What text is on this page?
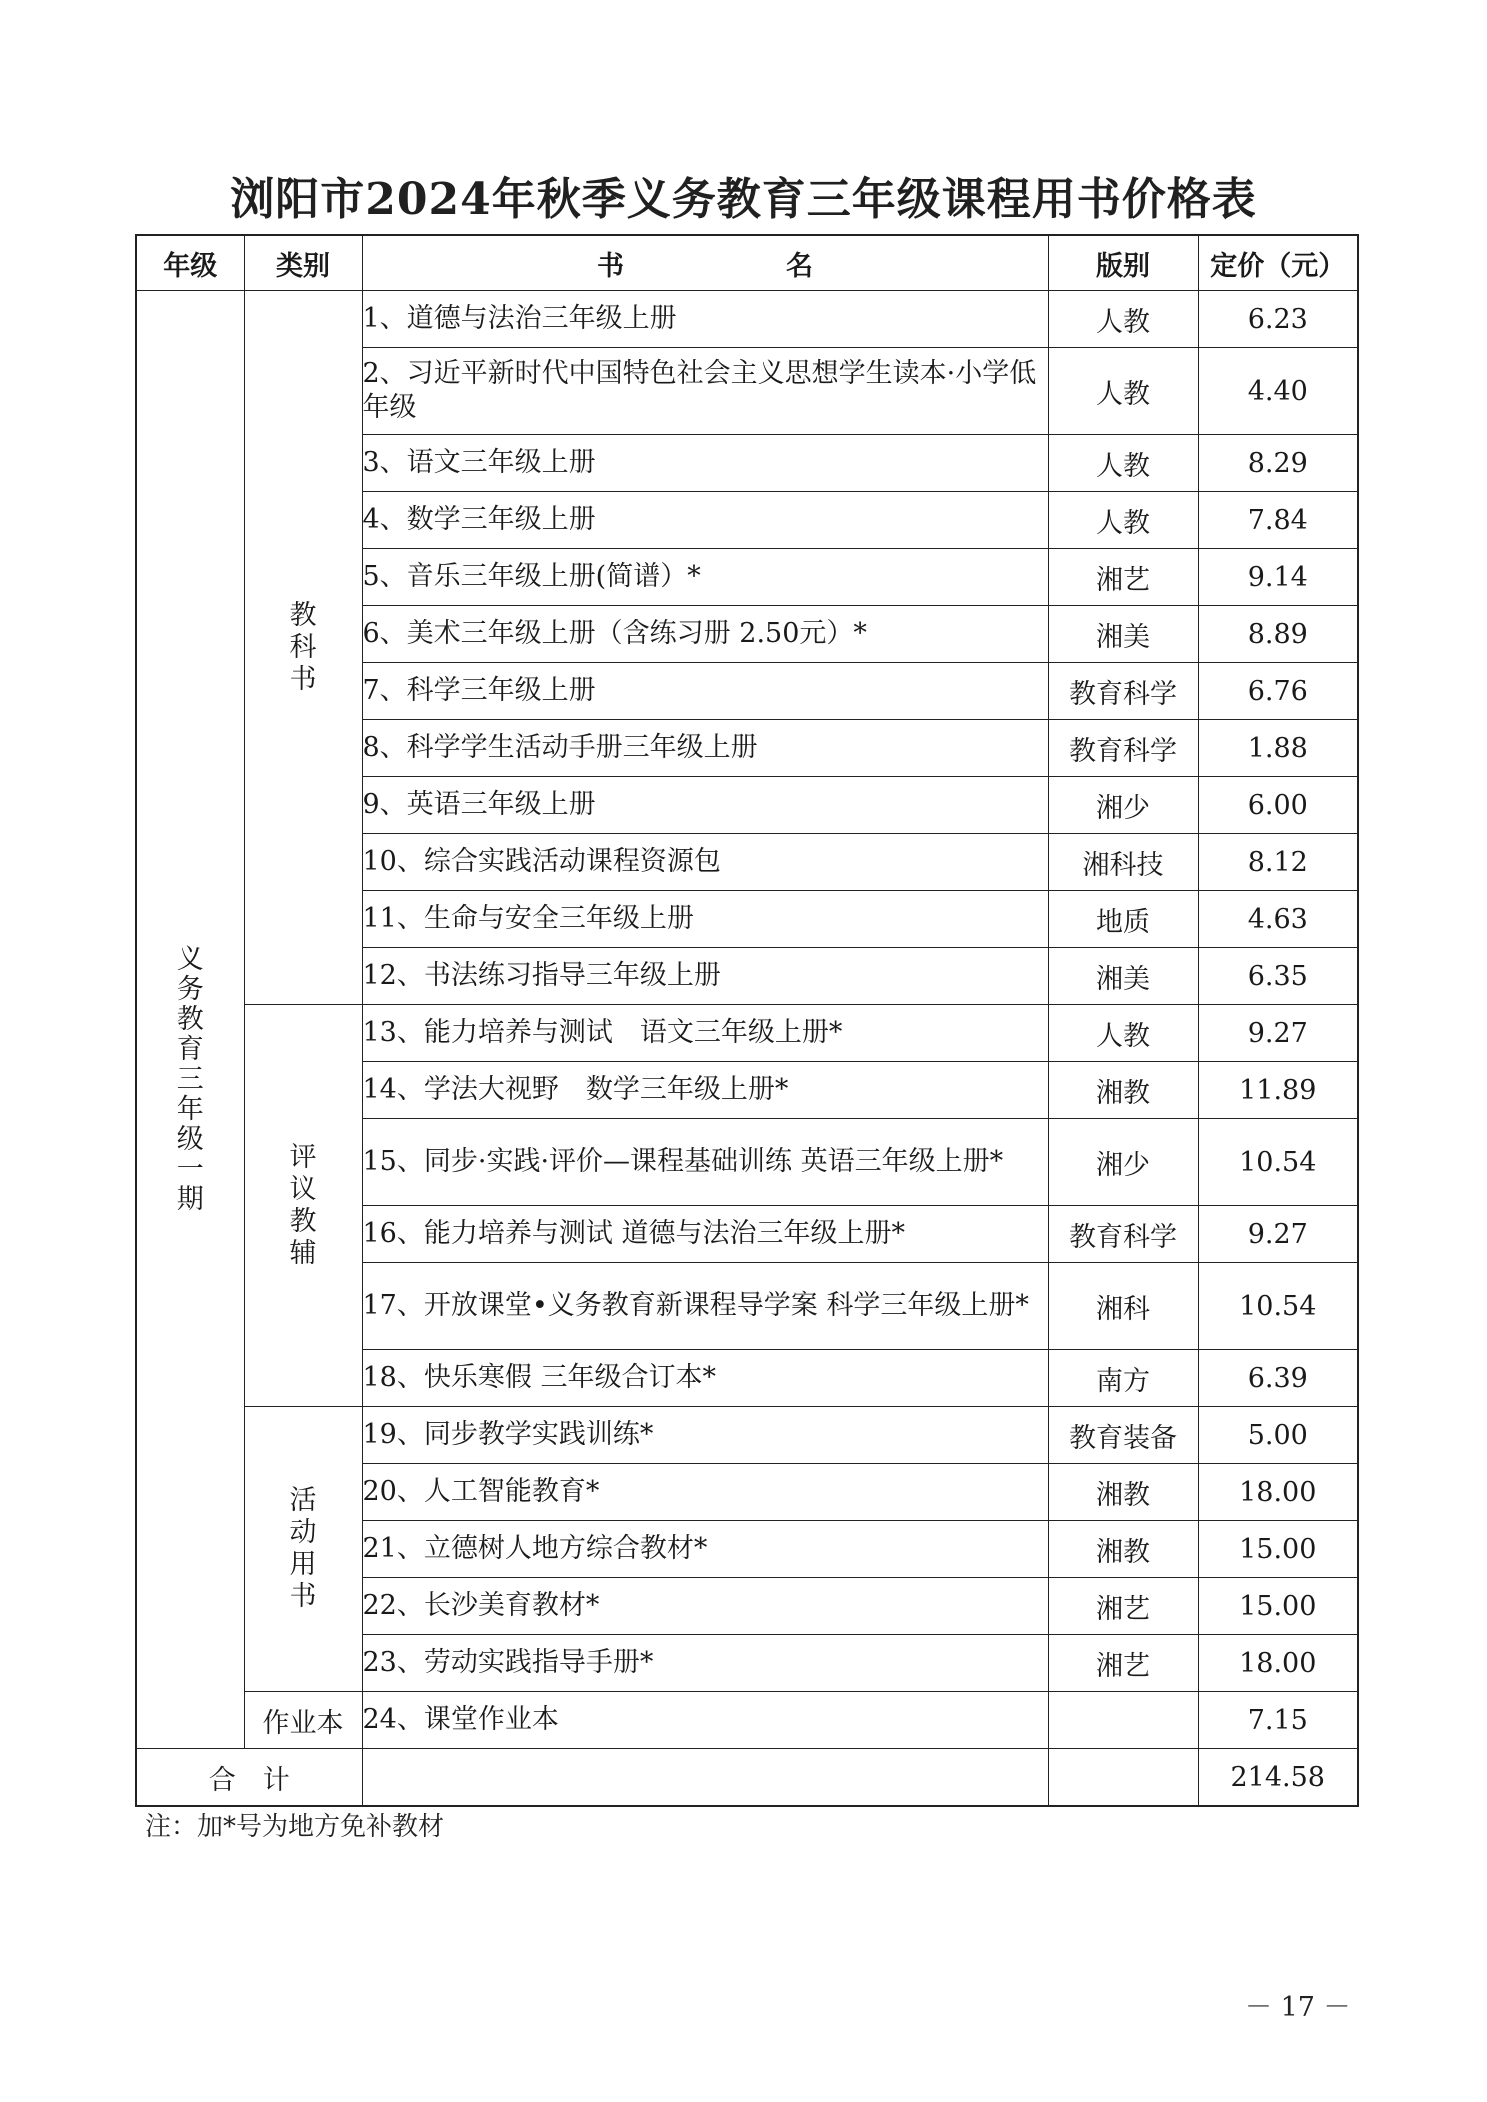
浏阳市2024年秋季义务教育三年级课程用书价格表
年级	类别	书　　　　　　名	版别	定价（元）
义务教育三年级一期	教科书	1、道德与法治三年级上册	人教	6.23
		2、习近平新时代中国特色社会主义思想学生读本·小学低年级	人教	4.40
		3、语文三年级上册	人教	8.29
		4、数学三年级上册	人教	7.84
		5、音乐三年级上册(简谱）*	湘艺	9.14
		6、美术三年级上册（含练习册 2.50元）*	湘美	8.89
		7、科学三年级上册	教育科学	6.76
		8、科学学生活动手册三年级上册	教育科学	1.88
		9、英语三年级上册	湘少	6.00
		10、综合实践活动课程资源包	湘科技	8.12
		11、生命与安全三年级上册	地质	4.63
		12、书法练习指导三年级上册	湘美	6.35
	评议教辅	13、能力培养与测试　语文三年级上册*	人教	9.27
		14、学法大视野　数学三年级上册*	湘教	11.89
		15、同步·实践·评价—课程基础训练 英语三年级上册*	湘少	10.54
		16、能力培养与测试 道德与法治三年级上册*	教育科学	9.27
		17、开放课堂•义务教育新课程导学案 科学三年级上册*	湘科	10.54
		18、快乐寒假 三年级合订本*	南方	6.39
	活动用书	19、同步教学实践训练*	教育装备	5.00
		20、人工智能教育*	湘教	18.00
		21、立德树人地方综合教材*	湘教	15.00
		22、长沙美育教材*	湘艺	15.00
		23、劳动实践指导手册*	湘艺	18.00
	作业本	24、课堂作业本		7.15
合　计				214.58
注：加*号为地方免补教材
－ 17 －
